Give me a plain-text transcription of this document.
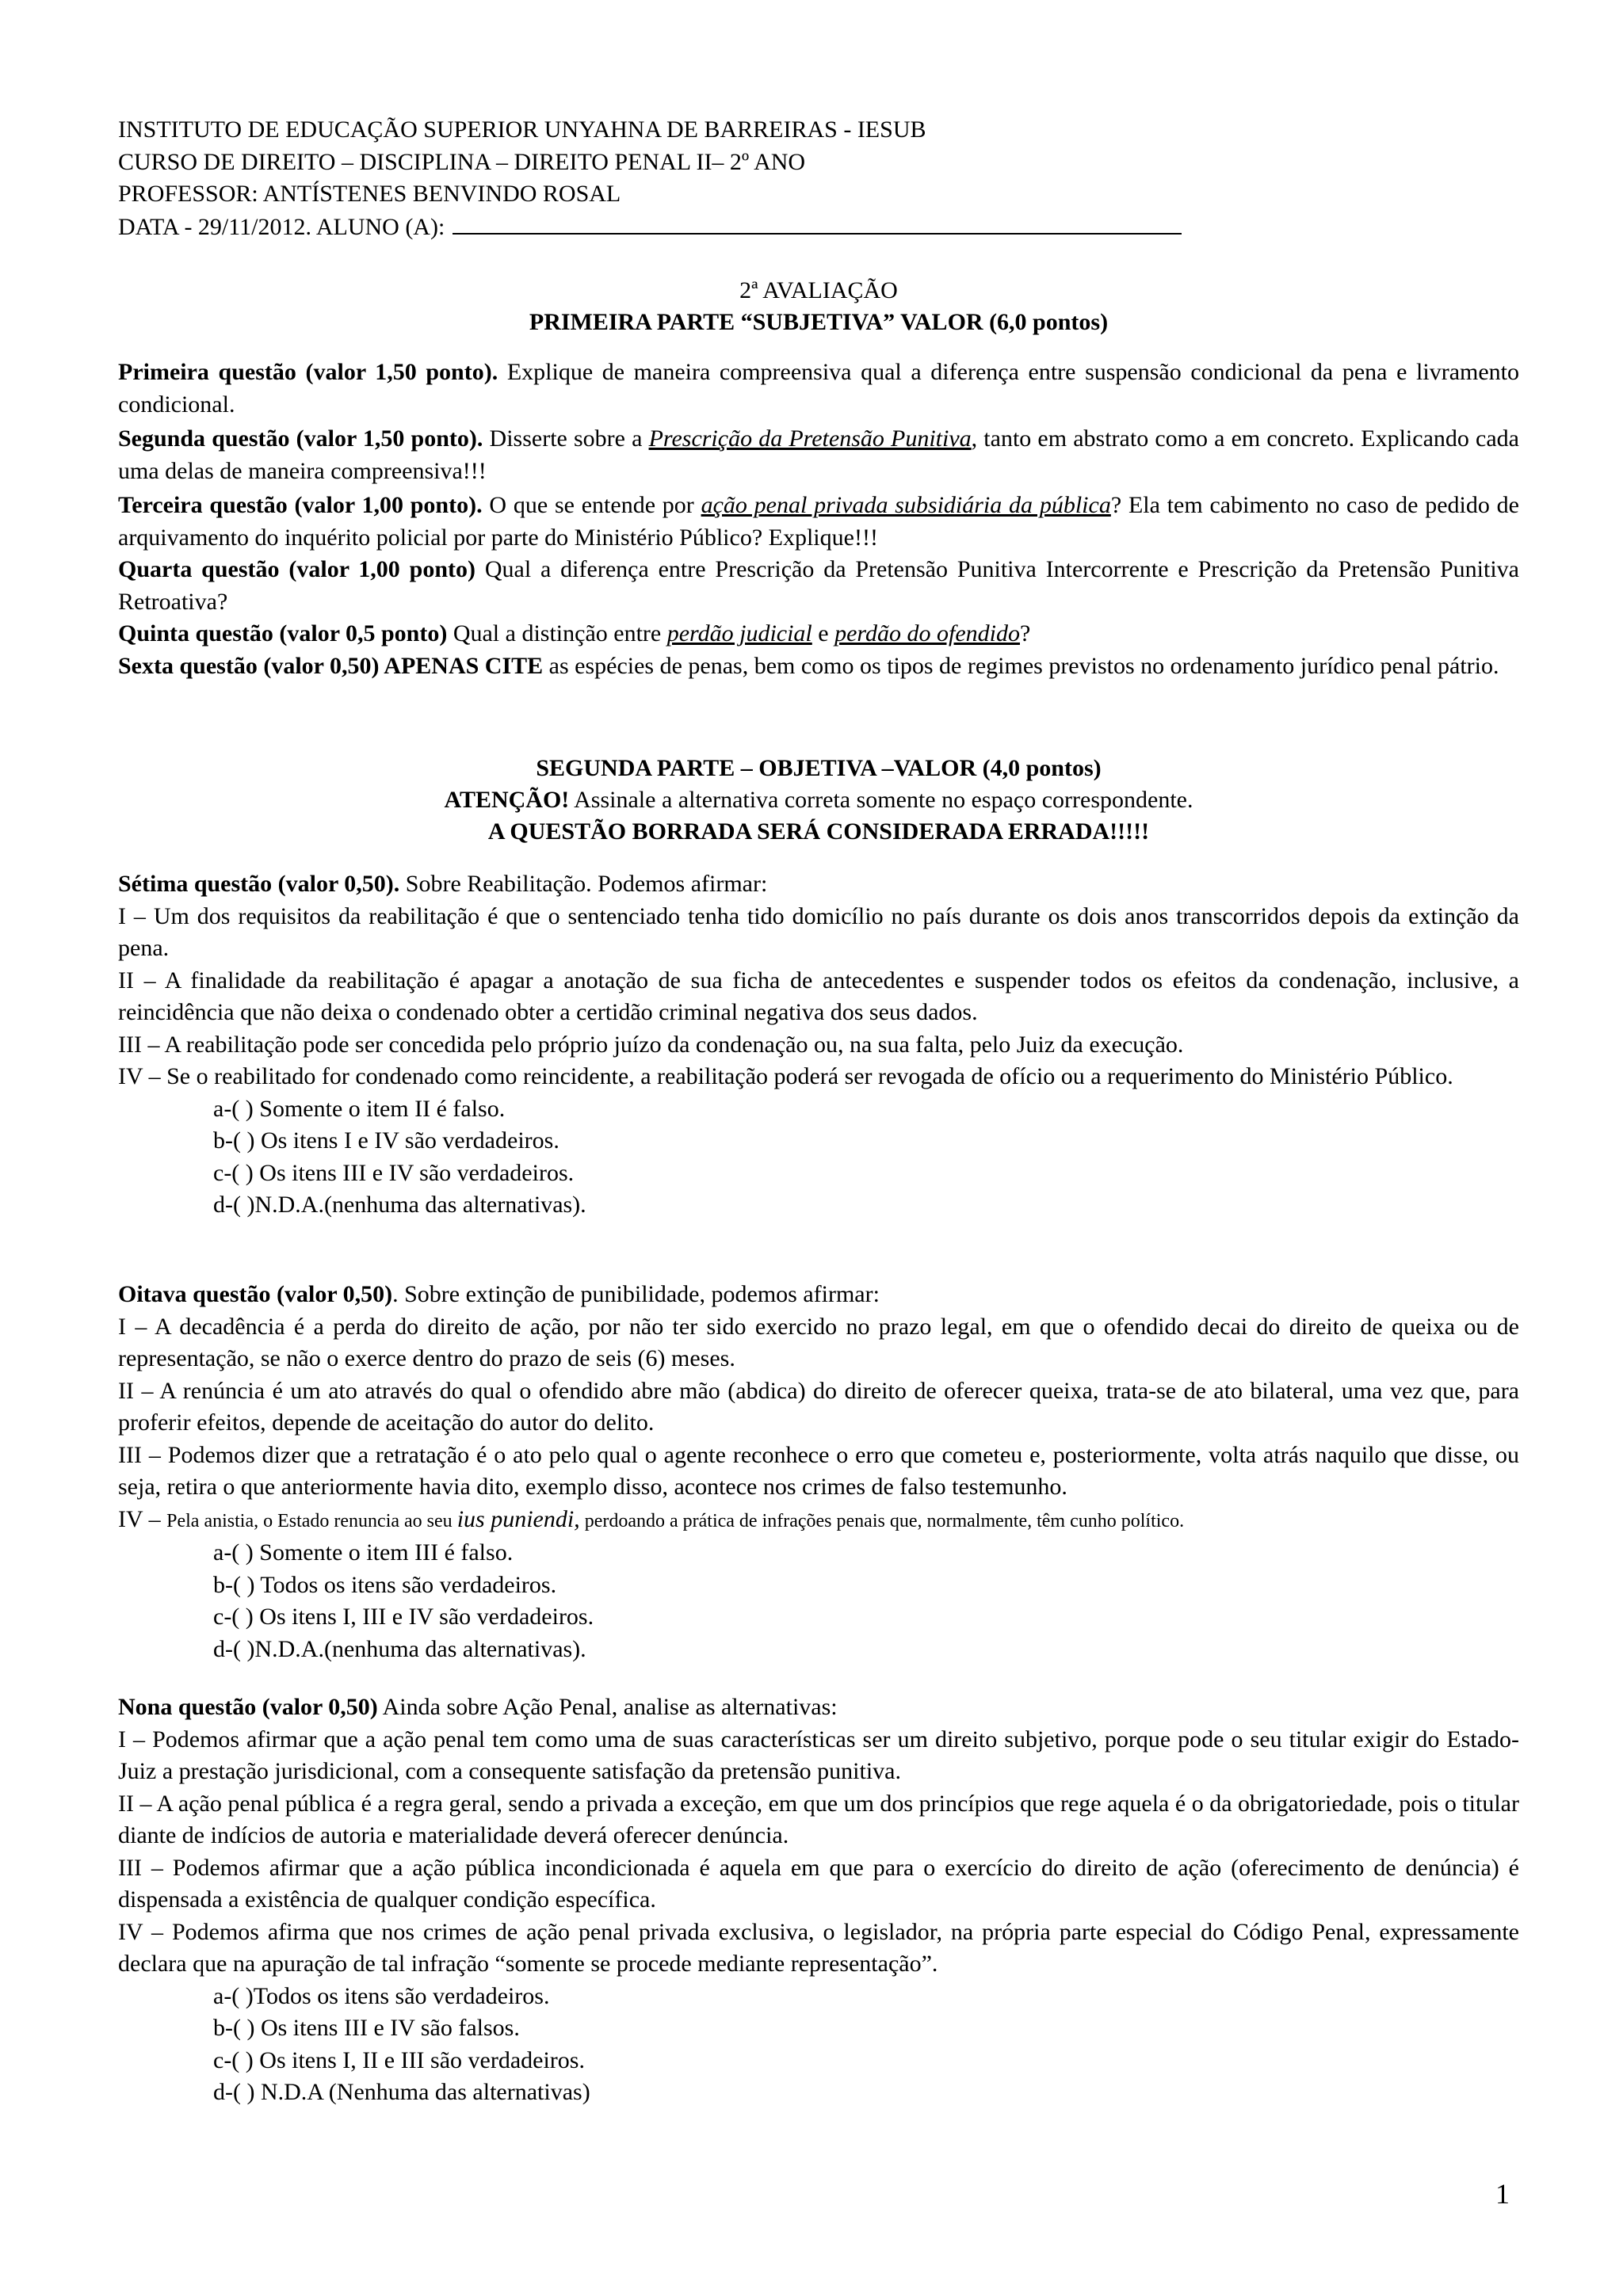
INSTITUTO DE EDUCAÇÃO SUPERIOR UNYAHNA DE BARREIRAS - IESUB
CURSO DE DIREITO – DISCIPLINA – DIREITO PENAL II– 2º ANO
PROFESSOR: ANTÍSTENES BENVINDO ROSAL
DATA - 29/11/2012. ALUNO (A):
2ª AVALIAÇÃO
PRIMEIRA PARTE “SUBJETIVA” VALOR (6,0 pontos)

Primeira questão (valor 1,50 ponto). Explique de maneira compreensiva qual a diferença entre suspensão condicional da pena e livramento condicional.

Segunda questão (valor 1,50 ponto). Disserte sobre a Prescrição da Pretensão Punitiva, tanto em abstrato como a em concreto. Explicando cada uma delas de maneira compreensiva!!!

Terceira questão (valor 1,00 ponto). O que se entende por ação penal privada subsidiária da pública? Ela tem cabimento no caso de pedido de arquivamento do inquérito policial por parte do Ministério Público? Explique!!!

Quarta questão (valor 1,00 ponto) Qual a diferença entre Prescrição da Pretensão Punitiva Intercorrente e Prescrição da Pretensão Punitiva Retroativa?

Quinta questão (valor 0,5 ponto) Qual a distinção entre perdão judicial e perdão do ofendido?

Sexta questão (valor 0,50) APENAS CITE as espécies de penas, bem como os tipos de regimes previstos no ordenamento jurídico penal pátrio.

SEGUNDA PARTE – OBJETIVA –VALOR (4,0 pontos)
ATENÇÃO! Assinale a alternativa correta somente no espaço correspondente.
A QUESTÃO BORRADA SERÁ CONSIDERADA ERRADA!!!!!

Sétima questão (valor 0,50). Sobre Reabilitação. Podemos afirmar:

I – Um dos requisitos da reabilitação é que o sentenciado tenha tido domicílio no país durante os dois anos transcorridos depois da extinção da pena.

II – A finalidade da reabilitação é apagar a anotação de sua ficha de antecedentes e suspender todos os efeitos da condenação, inclusive, a reincidência que não deixa o condenado obter a certidão criminal negativa dos seus dados.

III – A reabilitação pode ser concedida pelo próprio juízo da condenação ou, na sua falta, pelo Juiz da execução.

IV – Se o reabilitado for condenado como reincidente, a reabilitação poderá ser revogada de ofício ou a requerimento do Ministério Público.

a-( ) Somente o item II é falso.
b-( ) Os itens I e IV são verdadeiros.
c-( ) Os itens III e IV são verdadeiros.
d-( )N.D.A.(nenhuma das alternativas).

Oitava questão (valor 0,50). Sobre extinção de punibilidade, podemos afirmar:

I – A decadência é a perda do direito de ação, por não ter sido exercido no prazo legal, em que o ofendido decai do direito de queixa ou de representação, se não o exerce dentro do prazo de seis (6) meses.

II – A renúncia é um ato através do qual o ofendido abre mão (abdica) do direito de oferecer queixa, trata-se de ato bilateral, uma vez que, para proferir efeitos, depende de aceitação do autor do delito.

III – Podemos dizer que a retratação é o ato pelo qual o agente reconhece o erro que cometeu e, posteriormente, volta atrás naquilo que disse, ou seja, retira o que anteriormente havia dito, exemplo disso, acontece nos crimes de falso testemunho.

IV – Pela anistia, o Estado renuncia ao seu ius puniendi, perdoando a prática de infrações penais que, normalmente, têm cunho político.

a-( ) Somente o item III é falso.
b-( ) Todos os itens são verdadeiros.
c-( ) Os itens I, III e IV são verdadeiros.
d-( )N.D.A.(nenhuma das alternativas).

Nona questão (valor 0,50) Ainda sobre Ação Penal, analise as alternativas:

I – Podemos afirmar que a ação penal tem como uma de suas características ser um direito subjetivo, porque pode o seu titular exigir do Estado-Juiz a prestação jurisdicional, com a consequente satisfação da pretensão punitiva.

II – A ação penal pública é a regra geral, sendo a privada a exceção, em que um dos princípios que rege aquela é o da obrigatoriedade, pois o titular diante de indícios de autoria e materialidade deverá oferecer denúncia.

III – Podemos afirmar que a ação pública incondicionada é aquela em que para o exercício do direito de ação (oferecimento de denúncia) é dispensada a existência de qualquer condição específica.

IV – Podemos afirma que nos crimes de ação penal privada exclusiva, o legislador, na própria parte especial do Código Penal, expressamente declara que na apuração de tal infração “somente se procede mediante representação”.

a-( )Todos os itens são verdadeiros.
b-( ) Os itens III e IV são falsos.
c-( ) Os itens I, II e III são verdadeiros.
d-( ) N.D.A (Nenhuma das alternativas)
1
